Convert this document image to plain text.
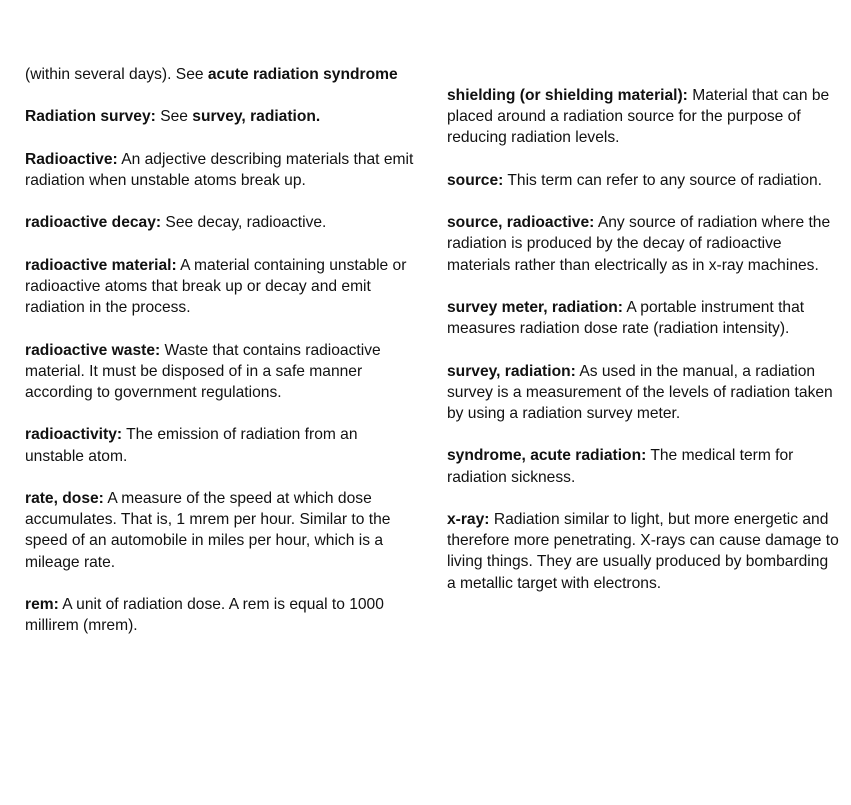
(within several days). See acute radiation syndrome
Radiation survey: See survey, radiation.
Radioactive: An adjective describing materials that emit radiation when unstable atoms break up.
radioactive decay: See decay, radioactive.
radioactive material: A material containing unstable or radioactive atoms that break up or decay and emit radiation in the process.
radioactive waste: Waste that contains radioactive material. It must be disposed of in a safe manner according to government regulations.
radioactivity: The emission of radiation from an unstable atom.
rate, dose: A measure of the speed at which dose accumulates. That is, 1 mrem per hour. Similar to the speed of an automobile in miles per hour, which is a mileage rate.
rem: A unit of radiation dose. A rem is equal to 1000 millirem (mrem).
shielding (or shielding material): Material that can be placed around a radiation source for the purpose of reducing radiation levels.
source: This term can refer to any source of radiation.
source, radioactive: Any source of radiation where the radiation is produced by the decay of radioactive materials rather than electrically as in x-ray machines.
survey meter, radiation: A portable instrument that measures radiation dose rate (radiation intensity).
survey, radiation: As used in the manual, a radiation survey is a measurement of the levels of radiation taken by using a radiation survey meter.
syndrome, acute radiation: The medical term for radiation sickness.
x-ray: Radiation similar to light, but more energetic and therefore more penetrating. X-rays can cause damage to living things. They are usually produced by bombarding a metallic target with electrons.
